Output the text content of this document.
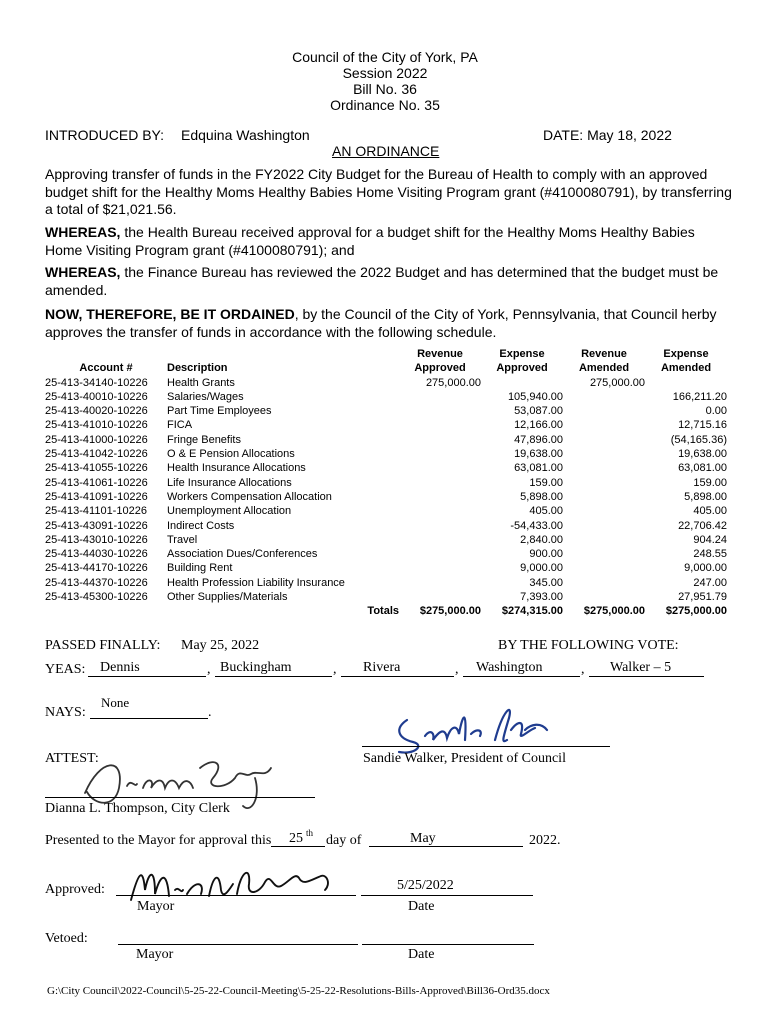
Council of the City of York, PA
Session 2022
Bill No. 36
Ordinance No. 35
INTRODUCED BY: Edquina Washington	DATE: May 18, 2022
AN ORDINANCE
Approving transfer of funds in the FY2022 City Budget for the Bureau of Health to comply with an approved budget shift for the Healthy Moms Healthy Babies Home Visiting Program grant (#4100080791), by transferring a total of $21,021.56.
WHEREAS, the Health Bureau received approval for a budget shift for the Healthy Moms Healthy Babies Home Visiting Program grant (#4100080791); and
WHEREAS, the Finance Bureau has reviewed the 2022 Budget and has determined that the budget must be amended.
NOW, THEREFORE, BE IT ORDAINED, by the Council of the City of York, Pennsylvania, that Council herby approves the transfer of funds in accordance with the following schedule.
			Revenue	Expense	Revenue	Expense
Account #	Description		Approved	Approved	Amended	Amended
25-413-34140-10226	Health Grants		275,000.00		275,000.00	
25-413-40010-10226	Salaries/Wages			105,940.00		166,211.20
25-413-40020-10226	Part Time Employees			53,087.00		0.00
25-413-41010-10226	FICA			12,166.00		12,715.16
25-413-41000-10226	Fringe Benefits			47,896.00		(54,165.36)
25-413-41042-10226	O & E Pension Allocations			19,638.00		19,638.00
25-413-41055-10226	Health Insurance Allocations			63,081.00		63,081.00
25-413-41061-10226	Life Insurance Allocations			159.00		159.00
25-413-41091-10226	Workers Compensation Allocation			5,898.00		5,898.00
25-413-41101-10226	Unemployment Allocation			405.00		405.00
25-413-43091-10226	Indirect Costs			-54,433.00		22,706.42
25-413-43010-10226	Travel			2,840.00		904.24
25-413-44030-10226	Association Dues/Conferences			900.00		248.55
25-413-44170-10226	Building Rent			9,000.00		9,000.00
25-413-44370-10226	Health Profession Liability Insurance			345.00		247.00
25-413-45300-10226	Other Supplies/Materials			7,393.00		27,951.79
		Totals	$275,000.00	$274,315.00	$275,000.00	$275,000.00
PASSED FINALLY: May 25, 2022	BY THE FOLLOWING VOTE:
YEAS: Dennis	, Buckingham	, Rivera	, Washington	, Walker – 5
NAYS:
None
.
Sandie Walker, President of Council
ATTEST:
Dianna L. Thompson, City Clerk
Presented to the Mayor for approval this 25 th day of	May	2022.
Approved:	5/25/2022
Mayor	Date
Vetoed:
Mayor	Date
G:\City Council\2022-Council\5-25-22-Council-Meeting\5-25-22-Resolutions-Bills-Approved\Bill36-Ord35.docx
